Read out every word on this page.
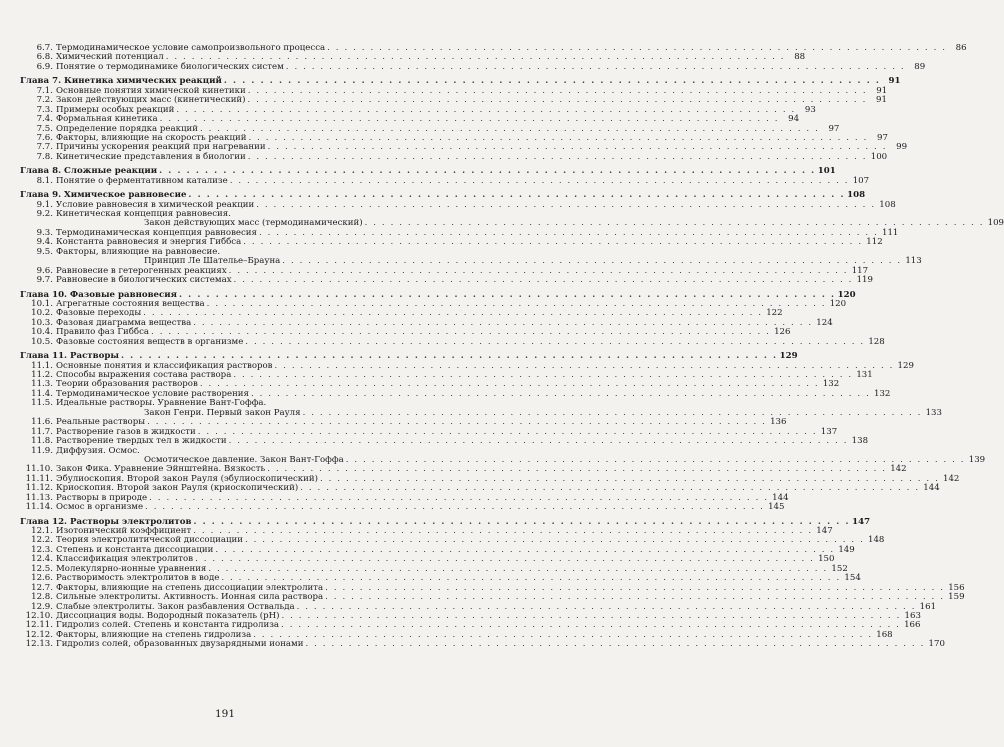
6.7. Термодинамическое условие самопроизвольного процесса . . .	86
6.8. Химический потенциал . . .	88
6.9. Понятие о термодинамике биологических систем . . .	89
Глава 7. Кинетика химических реакций . . .	91
7.1. Основные понятия химической кинетики . . .	91
7.2. Закон действующих масс (кинетический) . . .	91
7.3. Примеры особых реакций . . .	93
7.4. Формальная кинетика . . .	94
7.5. Определение порядка реакций . . .	97
7.6. Факторы, влияющие на скорость реакций . . .	97
7.7. Причины ускорения реакций при нагревании . . .	99
7.8. Кинетические представления в биологии . . .	100
Глава 8. Сложные реакции . . .	101
8.1. Понятие о ферментативном катализе . . .	107
Глава 9. Химическое равновесие . . .	108
9.1. Условие равновесия в химической реакции . . .	108
9.2. Кинетическая концепция равновесия.
Закон действующих масс (термодинамический) . . .	109
9.3. Термодинамическая концепция равновесия . . .	111
9.4. Константа равновесия и энергия Гиббса . . .	112
9.5. Факторы, влияющие на равновесие.
Принцип Ле Шателье–Брауна . . .	113
9.6. Равновесие в гетерогенных реакциях . . .	117
9.7. Равновесие в биологических системах . . .	119
Глава 10. Фазовые равновесия . . .	120
10.1. Агрегатные состояния вещества . . .	120
10.2. Фазовые переходы . . .	122
10.3. Фазовая диаграмма вещества . . .	124
10.4. Правило фаз Гиббса . . .	126
10.5. Фазовые состояния веществ в организме . . .	128
Глава 11. Растворы . . .	129
11.1. Основные понятия и классификация растворов . . .	129
11.2. Способы выражения состава раствора . . .	131
11.3. Теории образования растворов . . .	132
11.4. Термодинамическое условие растворения . . .	132
11.5. Идеальные растворы. Уравнение Вант-Гоффа.
Закон Генри. Первый закон Рауля . . .	133
11.6. Реальные растворы . . .	136
11.7. Растворение газов в жидкости . . .	137
11.8. Растворение твердых тел в жидкости . . .	138
11.9. Диффузия. Осмос.
Осмотическое давление. Закон Вант-Гоффа . . .	139
11.10. Закон Фика. Уравнение Эйнштейна. Вязкость . . .	142
11.11. Эбулиоскопия. Второй закон Рауля (эбулиоскопический) . . .	142
11.12. Криоскопия. Второй закон Рауля (криоскопический) . . .	144
11.13. Растворы в природе . . .	144
11.14. Осмос в организме . . .	145
Глава 12. Растворы электролитов . . .	147
12.1. Изотонический коэффициент . . .	147
12.2. Теория электролитической диссоциации . . .	148
12.3. Степень и константа диссоциации . . .	149
12.4. Классификация электролитов . . .	150
12.5. Молекулярно-ионные уравнения . . .	152
12.6. Растворимость электролитов в воде . . .	154
12.7. Факторы, влияющие на степень диссоциации электролита . . .	156
12.8. Сильные электролиты. Активность. Ионная сила раствора . . .	159
12.9. Слабые электролиты. Закон разбавления Оствальда . . .	161
12.10. Диссоциация воды. Водородный показатель (pH) . . .	163
12.11. Гидролиз солей. Степень и константа гидролиза . . .	166
12.12. Факторы, влияющие на степень гидролиза . . .	168
12.13. Гидролиз солей, образованных двузарядными ионами . . .	170
191
